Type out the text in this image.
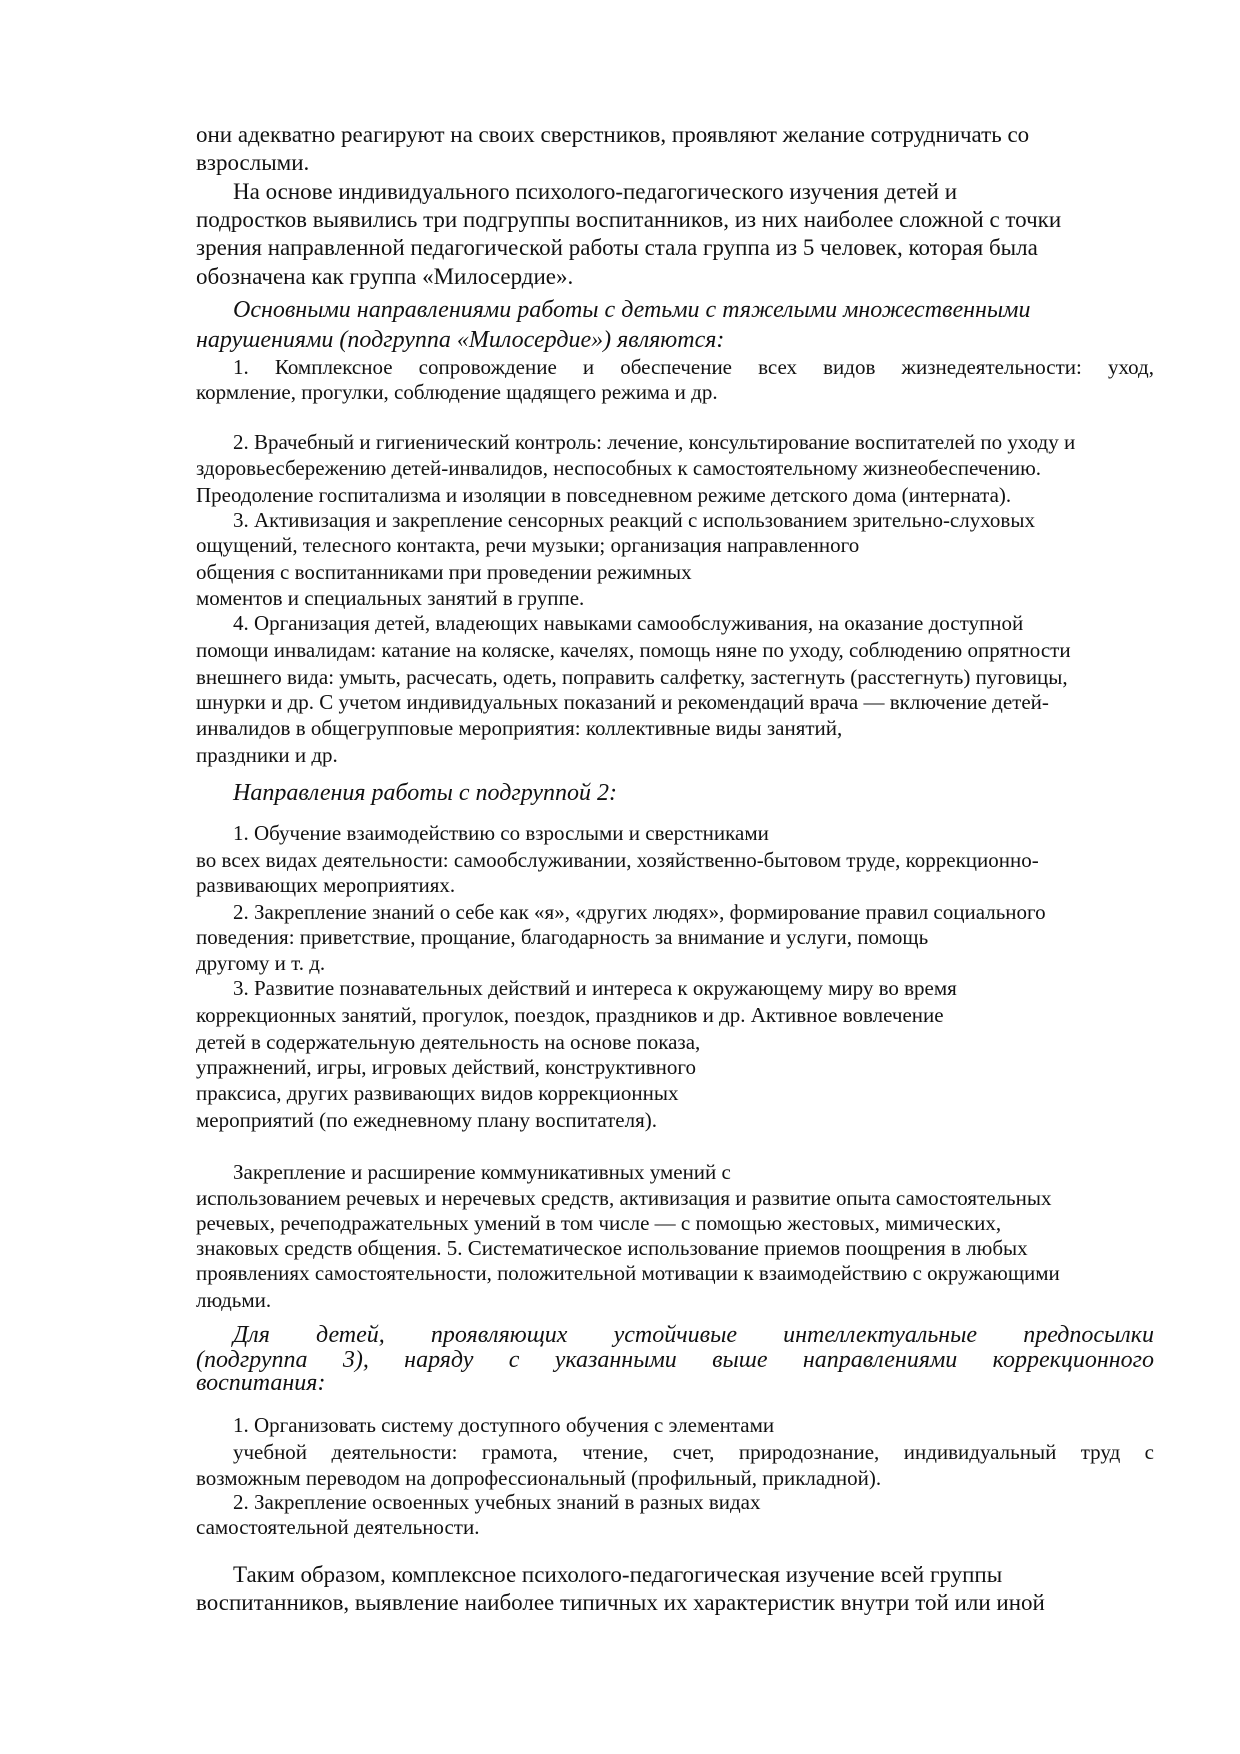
они адекватно реагируют на своих сверстников, проявляют желание сотрудничать со
взрослыми.
На основе индивидуального психолого-педагогического изучения детей и
подростков выявились три подгруппы воспитанников, из них наиболее сложной с точки
зрения направленной педагогической работы стала группа из 5 человек, которая была
обозначена как группа «Милосердие».
Основными направлениями работы с детьми с тяжелыми множественными
нарушениями (подгруппа «Милосердие») являются:
1. Комплексное сопровождение и обеспечение всех видов жизнедеятельности: уход,
кормление, прогулки, соблюдение щадящего режима и др.
2. Врачебный и гигиенический контроль: лечение, консультирование воспитателей по уходу и
здоровьесбережению детей-инвалидов, неспособных к самостоятельному жизнеобеспечению.
Преодоление госпитализма и изоляции в повседневном режиме детского дома (интерната).
3. Активизация и закрепление сенсорных реакций с использованием зрительно-слуховых
ощущений, телесного контакта, речи музыки; организация направленного
общения с воспитанниками при проведении режимных
моментов и специальных занятий в группе.
4. Организация детей, владеющих навыками самообслуживания, на оказание доступной
помощи инвалидам: катание на коляске, качелях, помощь няне по уходу, соблюдению опрятности
внешнего вида: умыть, расчесать, одеть, поправить салфетку, застегнуть (расстегнуть) пуговицы,
шнурки и др. С учетом индивидуальных показаний и рекомендаций врача — включение детей-
инвалидов в общегрупповые мероприятия: коллективные виды занятий,
праздники и др.
Направления работы с подгруппой 2:
1. Обучение взаимодействию со взрослыми и сверстниками
во всех видах деятельности: самообслуживании, хозяйственно-бытовом труде, коррекционно-
развивающих мероприятиях.
2. Закрепление знаний о себе как «я», «других людях», формирование правил социального
поведения: приветствие, прощание, благодарность за внимание и услуги, помощь
другому и т. д.
3. Развитие познавательных действий и интереса к окружающему миру во время
коррекционных занятий, прогулок, поездок, праздников и др. Активное вовлечение
детей в содержательную деятельность на основе показа,
упражнений, игры, игровых действий, конструктивного
праксиса, других развивающих видов коррекционных
мероприятий (по ежедневному плану воспитателя).
Закрепление и расширение коммуникативных умений с
использованием речевых и неречевых средств, активизация и развитие опыта самостоятельных
речевых, речеподражательных умений в том числе — с помощью жестовых, мимических,
знаковых средств общения. 5. Систематическое использование приемов поощрения в любых
проявлениях самостоятельности, положительной мотивации к взаимодействию с окружающими
людьми.
Для детей, проявляющих устойчивые интеллектуальные предпосылки
(подгруппа 3), наряду с указанными выше направлениями коррекционного
воспитания:
1. Организовать систему доступного обучения с элементами
учебной деятельности: грамота, чтение, счет, природознание, индивидуальный труд с
возможным переводом на допрофессиональный (профильный, прикладной).
2. Закрепление освоенных учебных знаний в разных видах
самостоятельной деятельности.
Таким образом, комплексное психолого-педагогическая изучение всей группы
воспитанников, выявление наиболее типичных их характеристик внутри той или иной
